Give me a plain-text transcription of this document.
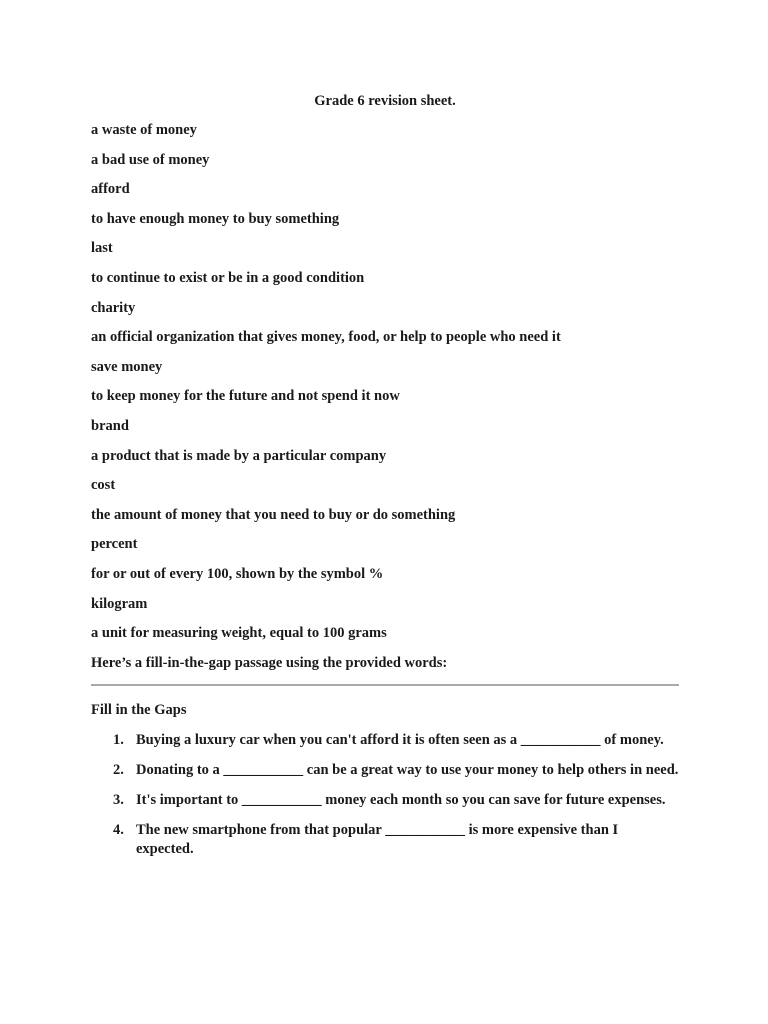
Grade 6 revision sheet.
a waste of money
a bad use of money
afford
to have enough money to buy something
last
to continue to exist or be in a good condition
charity
an official organization that gives money, food, or help to people who need it
save money
to keep money for the future and not spend it now
brand
a product that is made by a particular company
cost
the amount of money that you need to buy or do something
percent
for or out of every 100, shown by the symbol %
kilogram
a unit for measuring weight, equal to 100 grams
Here’s a fill-in-the-gap passage using the provided words:
Fill in the Gaps
1. Buying a luxury car when you can't afford it is often seen as a ___________ of money.
2. Donating to a ___________ can be a great way to use your money to help others in need.
3. It's important to ___________ money each month so you can save for future expenses.
4. The new smartphone from that popular ___________ is more expensive than I expected.
